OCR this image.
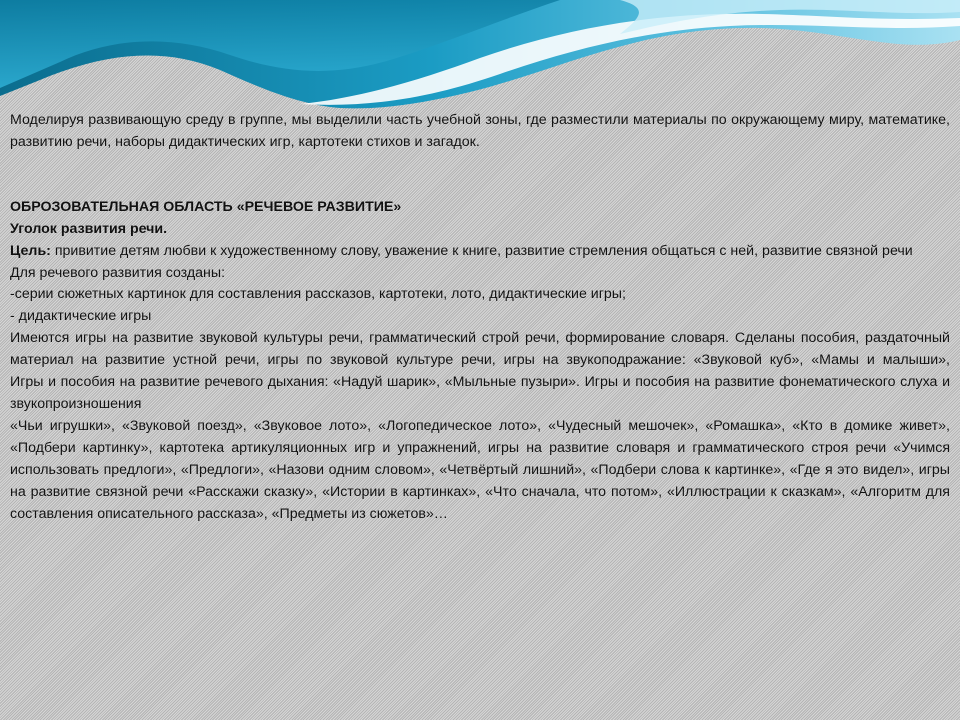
Моделируя развивающую среду в группе, мы выделили часть учебной зоны, где разместили материалы по окружающему миру, математике, развитию речи, наборы дидактических игр, картотеки стихов и загадок.

ОБРОЗОВАТЕЛЬНАЯ ОБЛАСТЬ «РЕЧЕВОЕ РАЗВИТИЕ»

Уголок развития речи.

Цель: привитие детям любви к художественному слову, уважение к книге, развитие стремления общаться с ней, развитие связной речи

Для речевого развития созданы:

-серии сюжетных картинок для составления рассказов, картотеки, лото, дидактические игры;

- дидактические игры

Имеются игры на развитие звуковой культуры речи, грамматический строй речи, формирование словаря. Сделаны пособия, раздаточный материал на развитие устной речи, игры по звуковой культуре речи, игры на звукоподражание: «Звуковой куб», «Мамы и малыши»,

Игры и пособия на развитие речевого дыхания: «Надуй шарик», «Мыльные пузыри». Игры и пособия на развитие фонематического слуха и звукопроизношения

«Чьи игрушки», «Звуковой поезд», «Звуковое лото», «Логопедическое лото», «Чудесный мешочек», «Ромашка», «Кто в домике живет», «Подбери картинку», картотека артикуляционных игр и упражнений, игры на развитие словаря и грамматического строя речи «Учимся использовать предлоги», «Предлоги», «Назови одним словом», «Четвёртый лишний», «Подбери слова к картинке», «Где я это видел», игры на развитие связной речи «Расскажи сказку», «Истории в картинках», «Что сначала, что потом», «Иллюстрации к сказкам», «Алгоритм для составления описательного рассказа», «Предметы из сюжетов»…
